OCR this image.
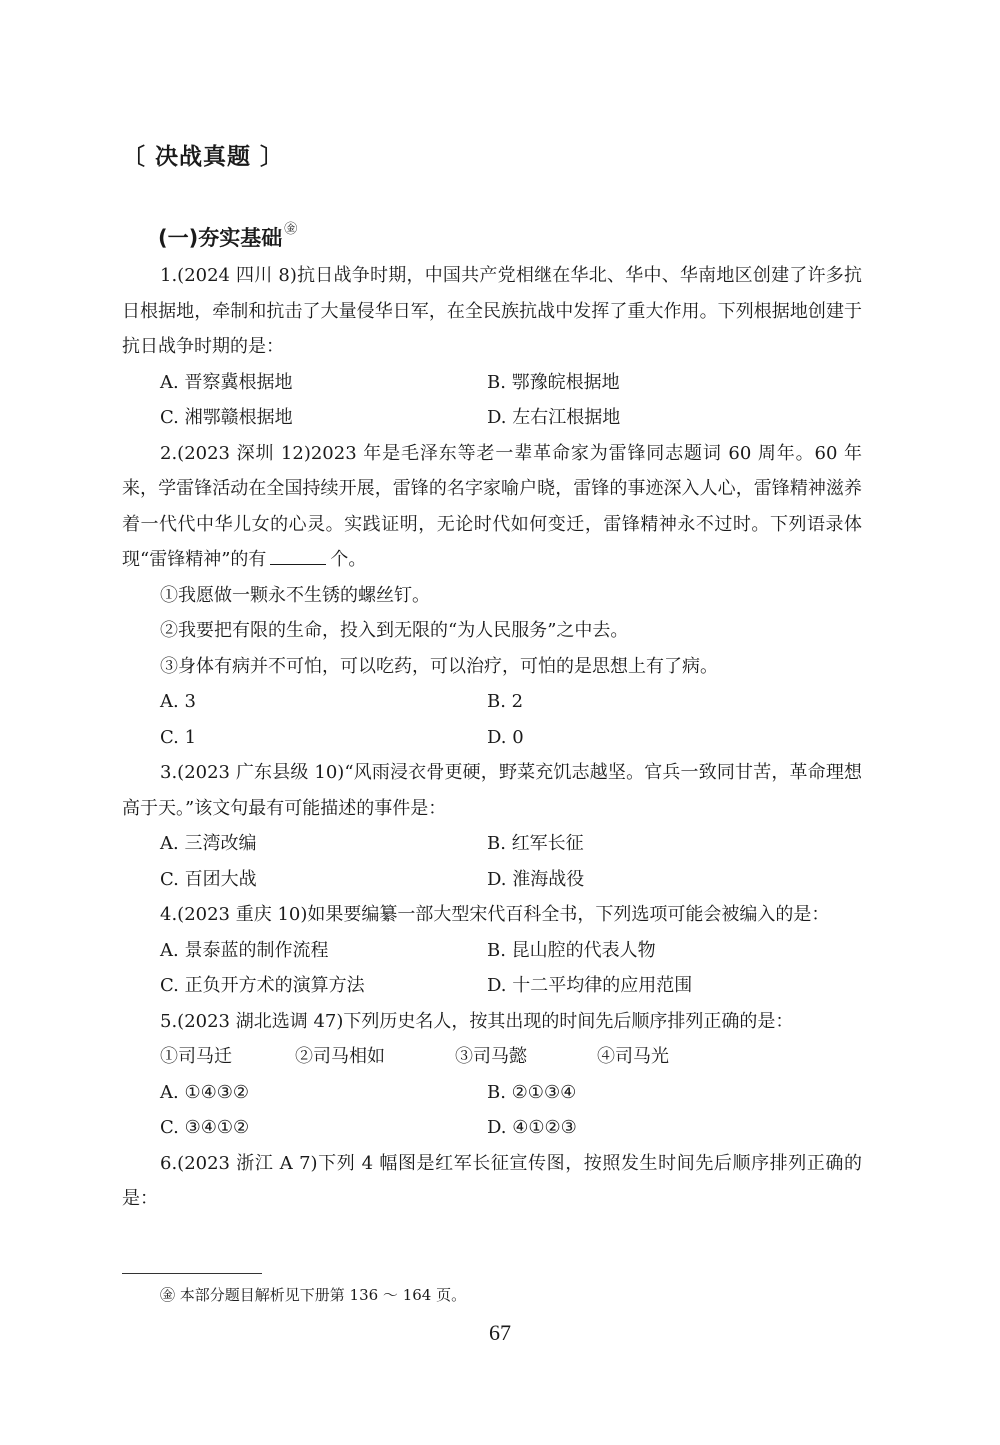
〔 决战真题 〕
(一)夯实基础 ㊎

1.(2024 四川 8)抗日战争时期，中国共产党相继在华北、华中、华南地区创建了许多抗日根据地，牵制和抗击了大量侵华日军，在全民族抗战中发挥了重大作用。下列根据地创建于抗日战争时期的是：

A. 晋察冀根据地	B. 鄂豫皖根据地
C. 湘鄂赣根据地	D. 左右江根据地

2.(2023 深圳 12)2023 年是毛泽东等老一辈革命家为雷锋同志题词 60 周年。60 年来，学雷锋活动在全国持续开展，雷锋的名字家喻户晓，雷锋的事迹深入人心，雷锋精神滋养着一代代中华儿女的心灵。实践证明，无论时代如何变迁，雷锋精神永不过时。下列语录体现“雷锋精神”的有	个。

①我愿做一颗永不生锈的螺丝钉。

②我要把有限的生命，投入到无限的“为人民服务”之中去。

③身体有病并不可怕，可以吃药，可以治疗，可怕的是思想上有了病。

A. 3	B. 2
C. 1	D. 0

3.(2023 广东县级 10)“风雨浸衣骨更硬，野菜充饥志越坚。官兵一致同甘苦，革命理想高于天。”该文句最有可能描述的事件是：

A. 三湾改编	B. 红军长征
C. 百团大战	D. 淮海战役

4.(2023 重庆 10)如果要编纂一部大型宋代百科全书，下列选项可能会被编入的是：

A. 景泰蓝的制作流程	B. 昆山腔的代表人物
C. 正负开方术的演算方法	D. 十二平均律的应用范围

5.(2023 湖北选调 47)下列历史名人，按其出现的时间先后顺序排列正确的是：

①司马迁	②司马相如	③司马懿	④司马光
A. ①④③②	B. ②①③④
C. ③④①②	D. ④①②③

6.(2023 浙江 A 7)下列 4 幅图是红军长征宣传图，按照发生时间先后顺序排列正确的是：

㊎ 本部分题目解析见下册第 136 ～ 164 页。
67
